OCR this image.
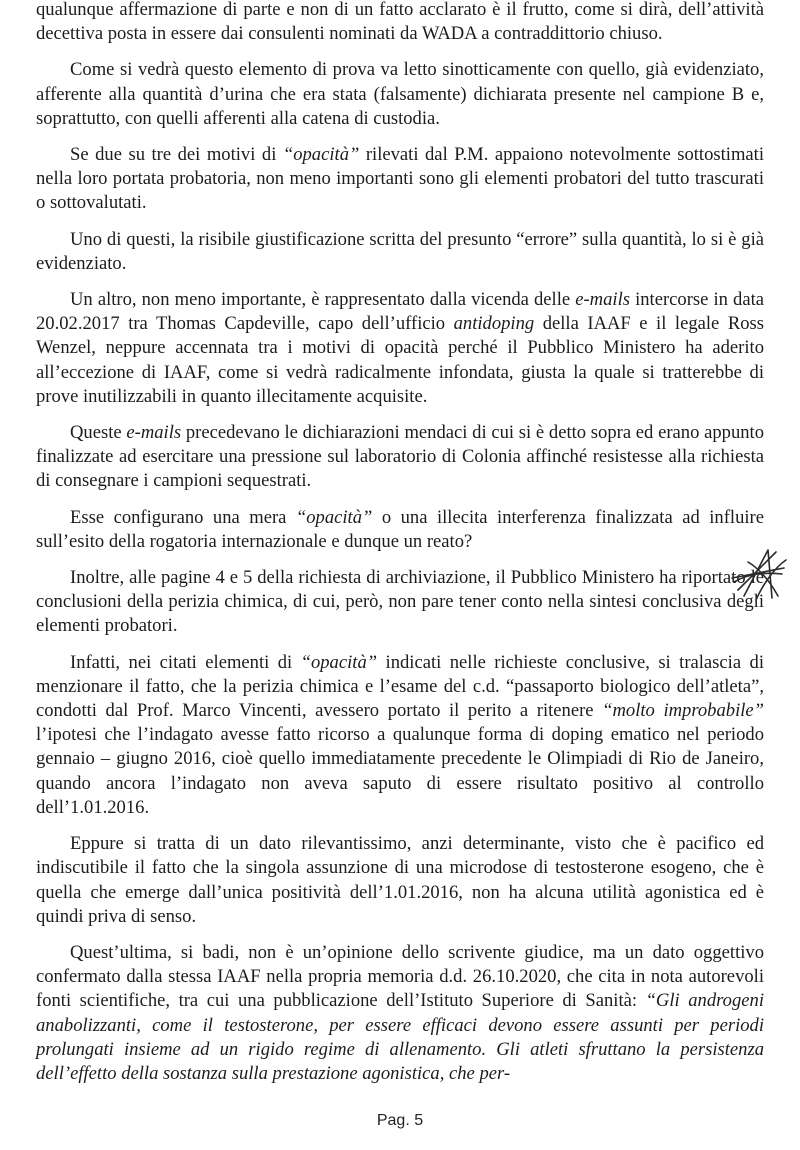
qualunque affermazione di parte e non di un fatto acclarato è il frutto, come si dirà, dell’attività decettiva posta in essere dai consulenti nominati da WADA a contraddittorio chiuso.

Come si vedrà questo elemento di prova va letto sinotticamente con quello, già evidenziato, afferente alla quantità d’urina che era stata (falsamente) dichiarata presente nel campione B e, soprattutto, con quelli afferenti alla catena di custodia.

Se due su tre dei motivi di “opacità” rilevati dal P.M. appaiono notevolmente sottostimati nella loro portata probatoria, non meno importanti sono gli elementi probatori del tutto trascurati o sottovalutati.

Uno di questi, la risibile giustificazione scritta del presunto “errore” sulla quantità, lo si è già evidenziato.

Un altro, non meno importante, è rappresentato dalla vicenda delle e-mails intercorse in data 20.02.2017 tra Thomas Capdeville, capo dell’ufficio antidoping della IAAF e il legale Ross Wenzel, neppure accennata tra i motivi di opacità perché il Pubblico Ministero ha aderito all’eccezione di IAAF, come si vedrà radicalmente infondata, giusta la quale si tratterebbe di prove inutilizzabili in quanto illecitamente acquisite.

Queste e-mails precedevano le dichiarazioni mendaci di cui si è detto sopra ed erano appunto finalizzate ad esercitare una pressione sul laboratorio di Colonia affinché resistesse alla richiesta di consegnare i campioni sequestrati.

Esse configurano una mera “opacità” o una illecita interferenza finalizzata ad influire sull’esito della rogatoria internazionale e dunque un reato?

Inoltre, alle pagine 4 e 5 della richiesta di archiviazione, il Pubblico Ministero ha riportato le conclusioni della perizia chimica, di cui, però, non pare tener conto nella sintesi conclusiva degli elementi probatori.

Infatti, nei citati elementi di “opacità” indicati nelle richieste conclusive, si tralascia di menzionare il fatto, che la perizia chimica e l’esame del c.d. “passaporto biologico dell’atleta”, condotti dal Prof. Marco Vincenti, avessero portato il perito a ritenere “molto improbabile” l’ipotesi che l’indagato avesse fatto ricorso a qualunque forma di doping ematico nel periodo gennaio – giugno 2016, cioè quello immediatamente precedente le Olimpiadi di Rio de Janeiro, quando ancora l’indagato non aveva saputo di essere risultato positivo al controllo dell’1.01.2016.

Eppure si tratta di un dato rilevantissimo, anzi determinante, visto che è pacifico ed indiscutibile il fatto che la singola assunzione di una microdose di testosterone esogeno, che è quella che emerge dall’unica positività dell’1.01.2016, non ha alcuna utilità agonistica ed è quindi priva di senso.

Quest’ultima, si badi, non è un’opinione dello scrivente giudice, ma un dato oggettivo confermato dalla stessa IAAF nella propria memoria d.d. 26.10.2020, che cita in nota autorevoli fonti scientifiche, tra cui una pubblicazione dell’Istituto Superiore di Sanità: “Gli androgeni anabolizzanti, come il testosterone, per essere efficaci devono essere assunti per periodi prolungati insieme ad un rigido regime di allenamento. Gli atleti sfruttano la persistenza dell’effetto della sostanza sulla prestazione agonistica, che per-

Pag. 5
